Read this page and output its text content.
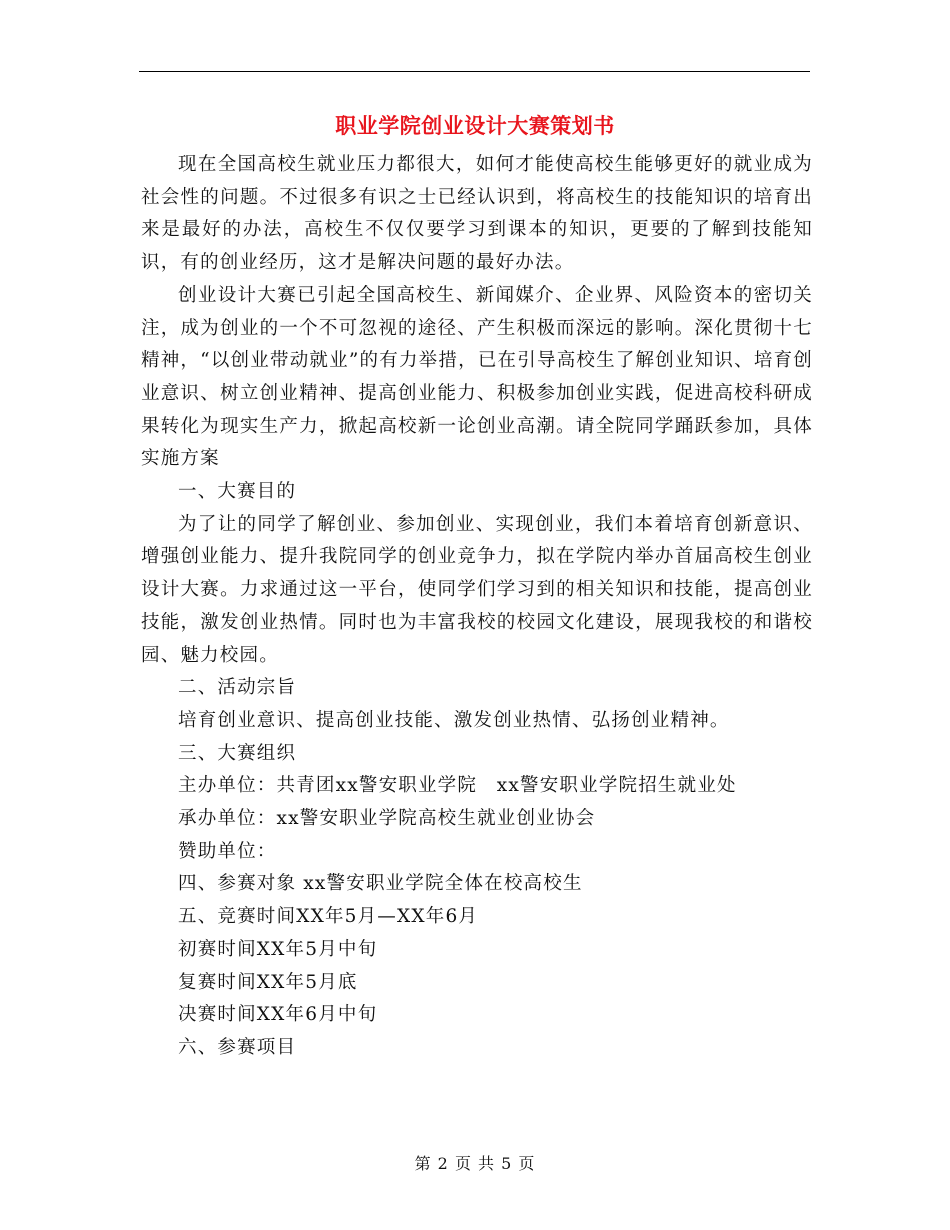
职业学院创业设计大赛策划书

现在全国高校生就业压力都很大，如何才能使高校生能够更好的就业成为社会性的问题。不过很多有识之士已经认识到，将高校生的技能知识的培育出来是最好的办法，高校生不仅仅要学习到课本的知识，更要的了解到技能知识，有的创业经历，这才是解决问题的最好办法。

创业设计大赛已引起全国高校生、新闻媒介、企业界、风险资本的密切关注，成为创业的一个不可忽视的途径、产生积极而深远的影响。深化贯彻十七精神，“以创业带动就业”的有力举措，已在引导高校生了解创业知识、培育创业意识、树立创业精神、提高创业能力、积极参加创业实践，促进高校科研成果转化为现实生产力，掀起高校新一论创业高潮。请全院同学踊跃参加，具体实施方案

一、大赛目的

为了让的同学了解创业、参加创业、实现创业，我们本着培育创新意识、增强创业能力、提升我院同学的创业竞争力，拟在学院内举办首届高校生创业设计大赛。力求通过这一平台，使同学们学习到的相关知识和技能，提高创业技能，激发创业热情。同时也为丰富我校的校园文化建设，展现我校的和谐校园、魅力校园。

二、活动宗旨

培育创业意识、提高创业技能、激发创业热情、弘扬创业精神。

三、大赛组织

主办单位：共青团xx警安职业学院　xx警安职业学院招生就业处

承办单位：xx警安职业学院高校生就业创业协会

赞助单位：

四、参赛对象 xx警安职业学院全体在校高校生

五、竞赛时间XX年5月—XX年6月

初赛时间XX年5月中旬

复赛时间XX年5月底

决赛时间XX年6月中旬

六、参赛项目

第 2 页 共 5 页
